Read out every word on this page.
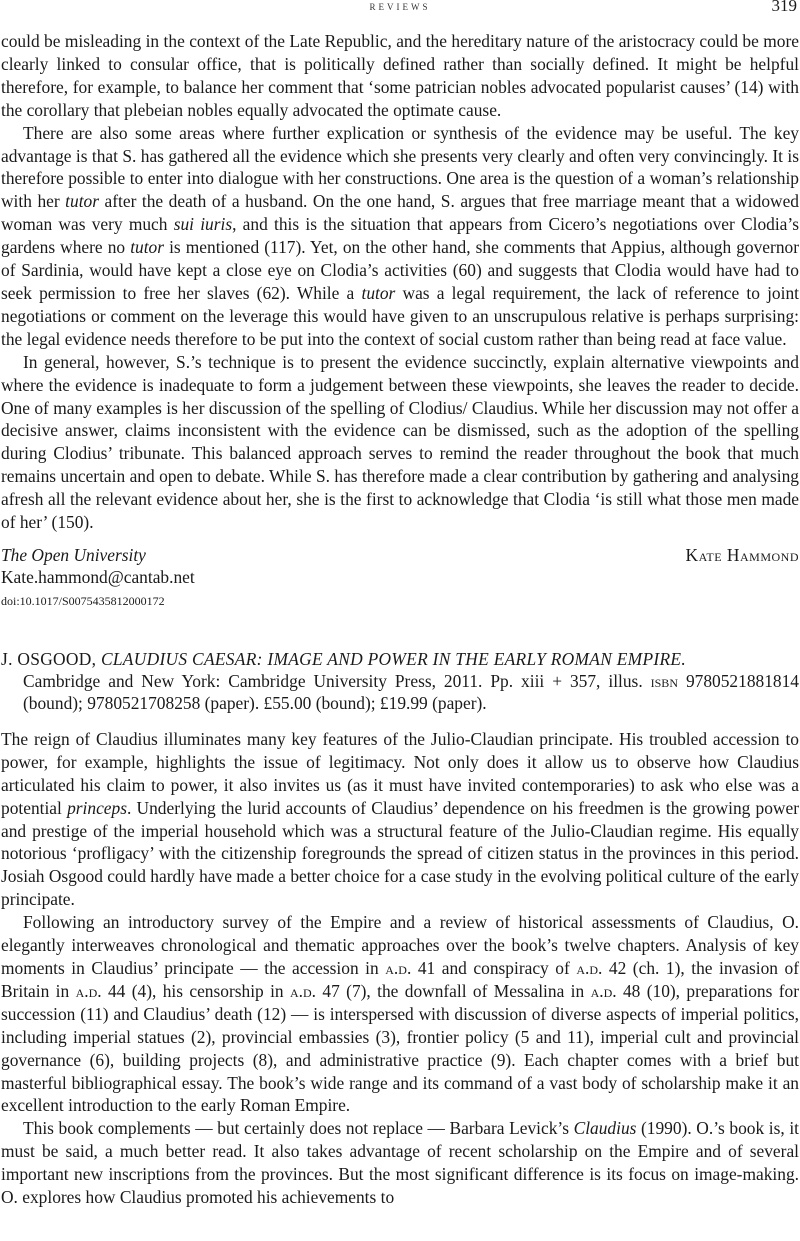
reviews	319

could be misleading in the context of the Late Republic, and the hereditary nature of the aristocracy could be more clearly linked to consular office, that is politically defined rather than socially defined. It might be helpful therefore, for example, to balance her comment that ‘some patrician nobles advocated popularist causes’ (14) with the corollary that plebeian nobles equally advocated the optimate cause.

There are also some areas where further explication or synthesis of the evidence may be useful. The key advantage is that S. has gathered all the evidence which she presents very clearly and often very convincingly. It is therefore possible to enter into dialogue with her constructions. One area is the question of a woman’s relationship with her tutor after the death of a husband. On the one hand, S. argues that free marriage meant that a widowed woman was very much sui iuris, and this is the situation that appears from Cicero’s negotiations over Clodia’s gardens where no tutor is mentioned (117). Yet, on the other hand, she comments that Appius, although governor of Sardinia, would have kept a close eye on Clodia’s activities (60) and suggests that Clodia would have had to seek permission to free her slaves (62). While a tutor was a legal requirement, the lack of reference to joint negotiations or comment on the leverage this would have given to an unscrupulous relative is perhaps surprising: the legal evidence needs therefore to be put into the context of social custom rather than being read at face value.

In general, however, S.’s technique is to present the evidence succinctly, explain alternative viewpoints and where the evidence is inadequate to form a judgement between these viewpoints, she leaves the reader to decide. One of many examples is her discussion of the spelling of Clodius/ Claudius. While her discussion may not offer a decisive answer, claims inconsistent with the evidence can be dismissed, such as the adoption of the spelling during Clodius’ tribunate. This balanced approach serves to remind the reader throughout the book that much remains uncertain and open to debate. While S. has therefore made a clear contribution by gathering and analysing afresh all the relevant evidence about her, she is the first to acknowledge that Clodia ‘is still what those men made of her’ (150).

The Open University	Kate Hammond
Kate.hammond@cantab.net
doi:10.1017/S0075435812000172
J. OSGOOD, CLAUDIUS CAESAR: IMAGE AND POWER IN THE EARLY ROMAN EMPIRE.
Cambridge and New York: Cambridge University Press, 2011. Pp. xiii + 357, illus. isbn 9780521881814 (bound); 9780521708258 (paper). £55.00 (bound); £19.99 (paper).

The reign of Claudius illuminates many key features of the Julio-Claudian principate. His troubled accession to power, for example, highlights the issue of legitimacy. Not only does it allow us to observe how Claudius articulated his claim to power, it also invites us (as it must have invited contemporaries) to ask who else was a potential princeps. Underlying the lurid accounts of Claudius’ dependence on his freedmen is the growing power and prestige of the imperial household which was a structural feature of the Julio-Claudian regime. His equally notorious ‘profligacy’ with the citizenship foregrounds the spread of citizen status in the provinces in this period. Josiah Osgood could hardly have made a better choice for a case study in the evolving political culture of the early principate.

Following an introductory survey of the Empire and a review of historical assessments of Claudius, O. elegantly interweaves chronological and thematic approaches over the book’s twelve chapters. Analysis of key moments in Claudius’ principate — the accession in a.d. 41 and conspiracy of a.d. 42 (ch. 1), the invasion of Britain in a.d. 44 (4), his censorship in a.d. 47 (7), the downfall of Messalina in a.d. 48 (10), preparations for succession (11) and Claudius’ death (12) — is interspersed with discussion of diverse aspects of imperial politics, including imperial statues (2), provincial embassies (3), frontier policy (5 and 11), imperial cult and provincial governance (6), building projects (8), and administrative practice (9). Each chapter comes with a brief but masterful bibliographical essay. The book’s wide range and its command of a vast body of scholarship make it an excellent introduction to the early Roman Empire.

This book complements — but certainly does not replace — Barbara Levick’s Claudius (1990). O.’s book is, it must be said, a much better read. It also takes advantage of recent scholarship on the Empire and of several important new inscriptions from the provinces. But the most significant difference is its focus on image-making. O. explores how Claudius promoted his achievements to
